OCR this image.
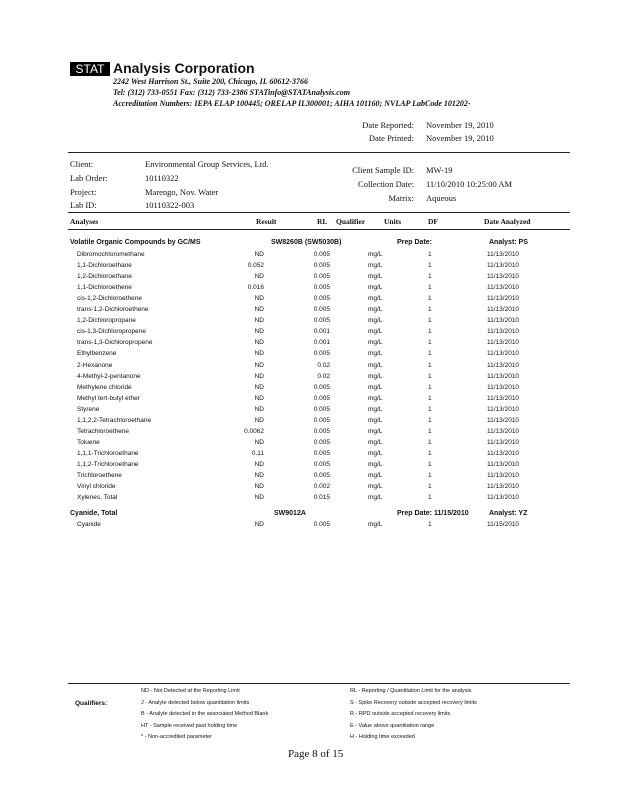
STAT Analysis Corporation
2242 West Harrison St., Suite 200, Chicago, IL 60612-3766
Tel: (312) 733-0551 Fax: (312) 733-2386 STATinfo@STATAnalysis.com
Accreditation Numbers: IEPA ELAP 100445; ORELAP IL300001; AIHA 101160; NVLAP LabCode 101202-
Date Reported: November 19, 2010
Date Printed: November 19, 2010
Client:	Environmental Group Services, Ltd.
Lab Order:	10110322
Project:	Marengo, Nov. Water
Lab ID:	10110322-003
Client Sample ID: MW-19
Collection Date: 11/10/2010 10:25:00 AM
Matrix: Aqueous
Analyses	Result	RL Qualifier	Units	DF	Date Analyzed
Volatile Organic Compounds by GC/MS	SW8260B (SW5030B)	Prep Date:	Analyst: PS
Dibromochloromethane	ND	0.005	mg/L	1	11/13/2010
1,1-Dichloroethane	0.052	0.005	mg/L	1	11/13/2010
1,2-Dichloroethane	ND	0.005	mg/L	1	11/13/2010
1,1-Dichloroethene	0.016	0.005	mg/L	1	11/13/2010
cis-1,2-Dichloroethene	ND	0.005	mg/L	1	11/13/2010
trans-1,2-Dichloroethene	ND	0.005	mg/L	1	11/13/2010
1,2-Dichloropropane	ND	0.005	mg/L	1	11/13/2010
cis-1,3-Dichloropropene	ND	0.001	mg/L	1	11/13/2010
trans-1,3-Dichloropropene	ND	0.001	mg/L	1	11/13/2010
Ethylbenzene	ND	0.005	mg/L	1	11/13/2010
2-Hexanone	ND	0.02	mg/L	1	11/13/2010
4-Methyl-2-pentanone	ND	0.02	mg/L	1	11/13/2010
Methylene chloride	ND	0.005	mg/L	1	11/13/2010
Methyl tert-butyl ether	ND	0.005	mg/L	1	11/13/2010
Styrene	ND	0.005	mg/L	1	11/13/2010
1,1,2,2-Tetrachloroethane	ND	0.005	mg/L	1	11/13/2010
Tetrachloroethene	0.0062	0.005	mg/L	1	11/13/2010
Toluene	ND	0.005	mg/L	1	11/13/2010
1,1,1-Trichloroethane	0.11	0.005	mg/L	1	11/13/2010
1,1,2-Trichloroethane	ND	0.005	mg/L	1	11/13/2010
Trichloroethene	ND	0.005	mg/L	1	11/13/2010
Vinyl chloride	ND	0.002	mg/L	1	11/13/2010
Xylenes, Total	ND	0.015	mg/L	1	11/13/2010
Cyanide, Total	SW9012A	Prep Date: 11/15/2010	Analyst: YZ
Cyanide	ND	0.005	mg/L	1	11/15/2010
Qualifiers:
ND - Not Detected at the Reporting Limit
J - Analyte detected below quantitation limits
B - Analyte detected in the associated Method Blank
HT - Sample received past holding time
* - Non-accredited parameter
RL - Reporting / Quantitation Limit for the analysis
S - Spike Recovery outside accepted recovery limits
R - RPD outside accepted recovery limits
E - Value above quantitation range
H - Holding time exceeded
Page 8 of 15
